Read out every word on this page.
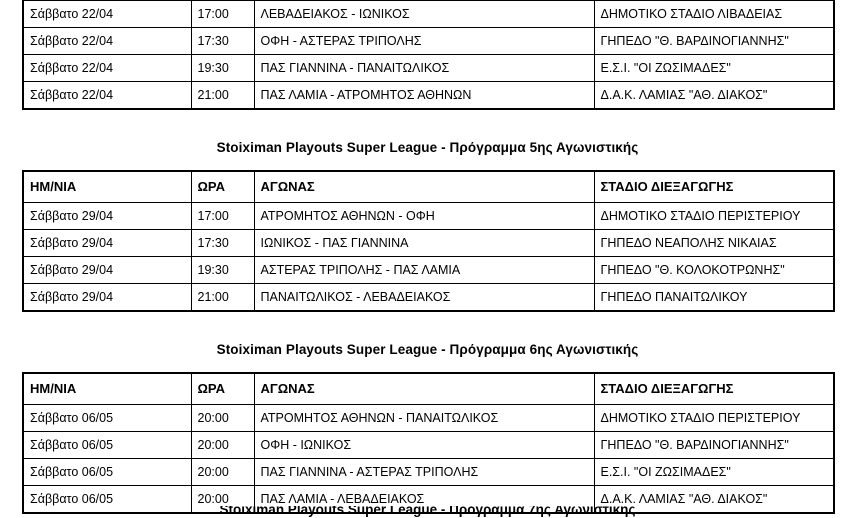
Σάββατο 22/04	17:00	ΛΕΒΑΔΕΙΑΚΟΣ - ΙΩΝΙΚΟΣ	ΔΗΜΟΤΙΚΟ ΣΤΑΔΙΟ ΛΙΒΑΔΕΙΑΣ
Σάββατο 22/04	17:30	ΟΦΗ - ΑΣΤΕΡΑΣ ΤΡΙΠΟΛΗΣ	ΓΗΠΕΔΟ "Θ. ΒΑΡΔΙΝΟΓΙΑΝΝΗΣ"
Σάββατο 22/04	19:30	ΠΑΣ ΓΙΑΝΝΙΝΑ - ΠΑΝΑΙΤΩΛΙΚΟΣ	Ε.Σ.Ι. "ΟΙ ΖΩΣΙΜΑΔΕΣ"
Σάββατο 22/04	21:00	ΠΑΣ ΛΑΜΙΑ - ΑΤΡΟΜΗΤΟΣ ΑΘΗΝΩΝ	Δ.Α.Κ. ΛΑΜΙΑΣ "ΑΘ. ΔΙΑΚΟΣ"
Stoiximan Playouts Super League - Πρόγραμμα 5ης Αγωνιστικής
ΗΜ/ΝΙΑ	ΩΡΑ	ΑΓΩΝΑΣ	ΣΤΑΔΙΟ ΔΙΕΞΑΓΩΓΗΣ
Σάββατο 29/04	17:00	ΑΤΡΟΜΗΤΟΣ ΑΘΗΝΩΝ - ΟΦΗ	ΔΗΜΟΤΙΚΟ ΣΤΑΔΙΟ ΠΕΡΙΣΤΕΡΙΟΥ
Σάββατο 29/04	17:30	ΙΩΝΙΚΟΣ - ΠΑΣ ΓΙΑΝΝΙΝΑ	ΓΗΠΕΔΟ ΝΕΑΠΟΛΗΣ ΝΙΚΑΙΑΣ
Σάββατο 29/04	19:30	ΑΣΤΕΡΑΣ ΤΡΙΠΟΛΗΣ - ΠΑΣ ΛΑΜΙΑ	ΓΗΠΕΔΟ "Θ. ΚΟΛΟΚΟΤΡΩΝΗΣ"
Σάββατο 29/04	21:00	ΠΑΝΑΙΤΩΛΙΚΟΣ - ΛΕΒΑΔΕΙΑΚΟΣ	ΓΗΠΕΔΟ ΠΑΝΑΙΤΩΛΙΚΟΥ
Stoiximan Playouts Super League - Πρόγραμμα 6ης Αγωνιστικής
ΗΜ/ΝΙΑ	ΩΡΑ	ΑΓΩΝΑΣ	ΣΤΑΔΙΟ ΔΙΕΞΑΓΩΓΗΣ
Σάββατο 06/05	20:00	ΑΤΡΟΜΗΤΟΣ ΑΘΗΝΩΝ - ΠΑΝΑΙΤΩΛΙΚΟΣ	ΔΗΜΟΤΙΚΟ ΣΤΑΔΙΟ ΠΕΡΙΣΤΕΡΙΟΥ
Σάββατο 06/05	20:00	ΟΦΗ - ΙΩΝΙΚΟΣ	ΓΗΠΕΔΟ "Θ. ΒΑΡΔΙΝΟΓΙΑΝΝΗΣ"
Σάββατο 06/05	20:00	ΠΑΣ ΓΙΑΝΝΙΝΑ - ΑΣΤΕΡΑΣ ΤΡΙΠΟΛΗΣ	Ε.Σ.Ι. "ΟΙ ΖΩΣΙΜΑΔΕΣ"
Σάββατο 06/05	20:00	ΠΑΣ ΛΑΜΙΑ - ΛΕΒΑΔΕΙΑΚΟΣ	Δ.Α.Κ. ΛΑΜΙΑΣ "ΑΘ. ΔΙΑΚΟΣ"
Stoiximan Playouts Super League - Πρόγραμμα 7ης Αγωνιστικής
